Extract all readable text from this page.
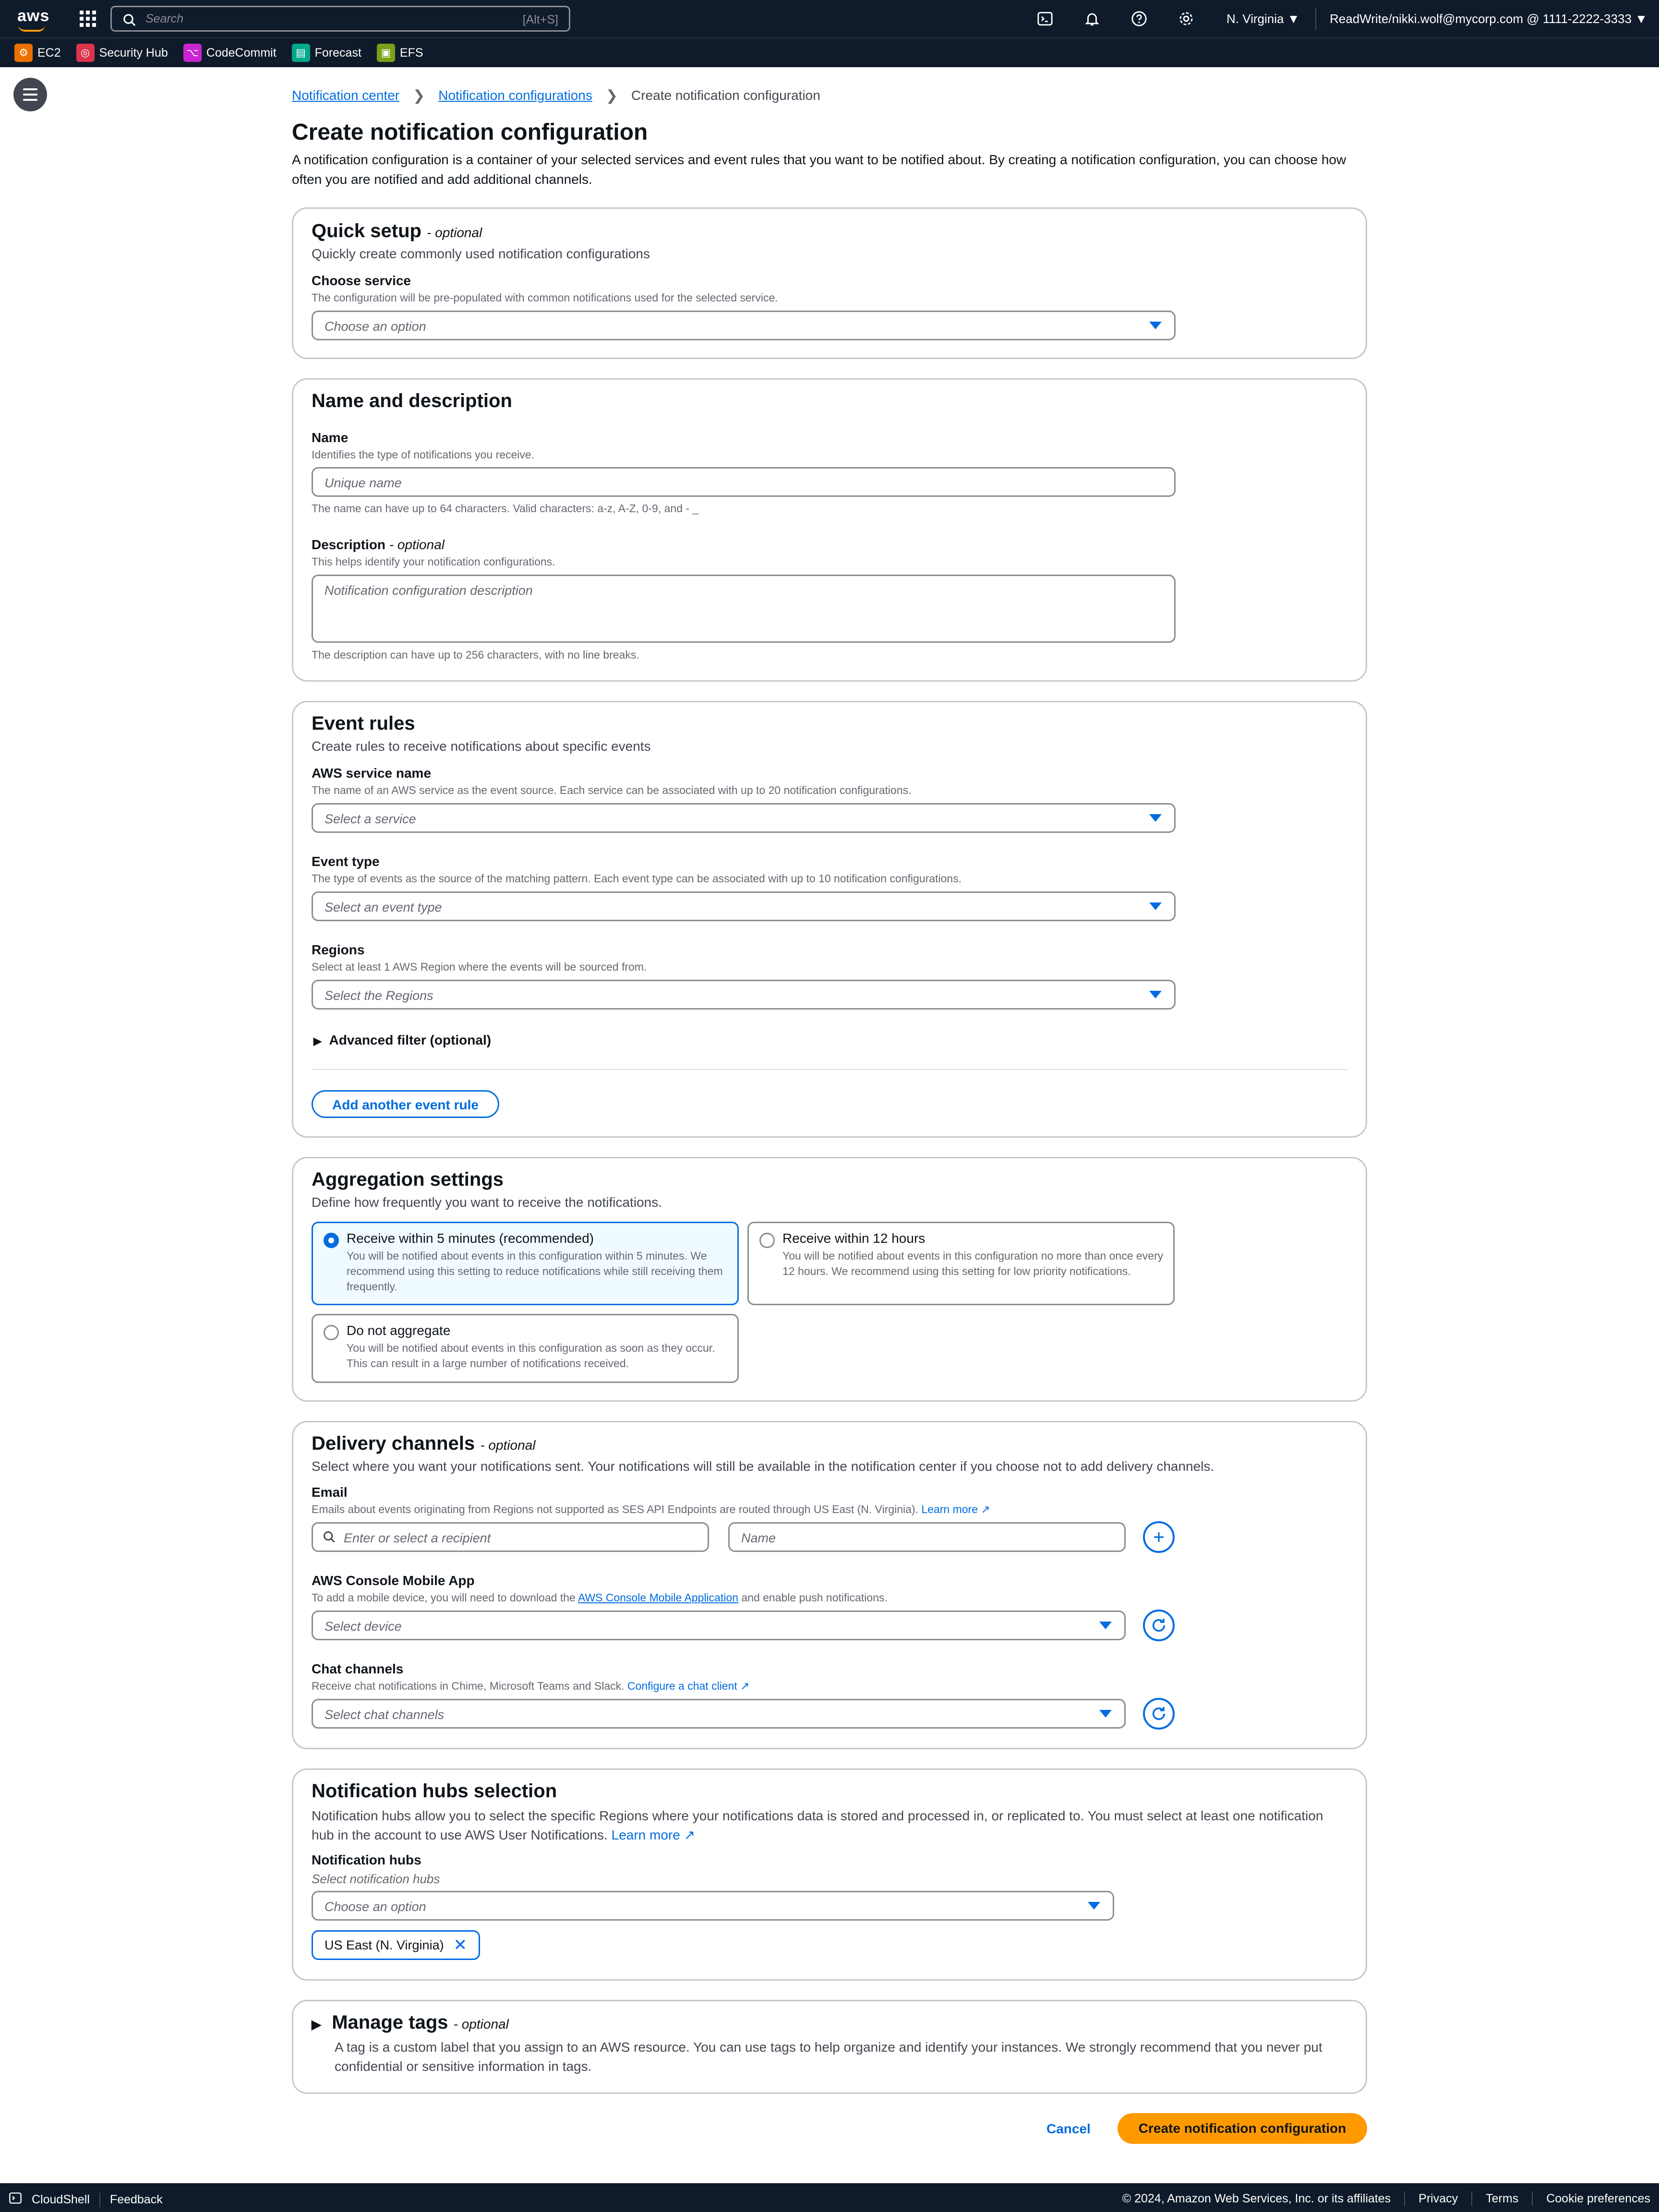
aws	Search	[Alt+S]	N. Virginia ▼ ReadWrite/nikki.wolf@mycorp.com @ 1111-2222-3333 ▼
⚙ EC2	◎ Security Hub ⌥ CodeCommit	▤ Forecast	▣ EFS
Notification center ❯ Notification configurations ❯ Create notification configuration
Create notification configuration

A notification configuration is a container of your selected services and event rules that you want to be notified about. By creating a notification configuration, you can choose how often you are notified and add additional channels.

Quick setup - optional
Quickly create commonly used notification configurations
Choose service
The configuration will be pre-populated with common notifications used for the selected service.
Choose an option
Name and description
Name
Identifies the type of notifications you receive.
Unique name
The name can have up to 64 characters. Valid characters: a-z, A-Z, 0-9, and - _
Description - optional
This helps identify your notification configurations.
Notification configuration description
The description can have up to 256 characters, with no line breaks.
Event rules
Create rules to receive notifications about specific events
AWS service name
The name of an AWS service as the event source. Each service can be associated with up to 20 notification configurations.
Select a service
Event type
The type of events as the source of the matching pattern. Each event type can be associated with up to 10 notification configurations.
Select an event type
Regions
Select at least 1 AWS Region where the events will be sourced from.
Select the Regions
▶ Advanced filter (optional)
Add another event rule
Aggregation settings
Define how frequently you want to receive the notifications.
Receive within 5 minutes (recommended)
You will be notified about events in this configuration within 5 minutes. We recommend using this setting to reduce notifications while still receiving them frequently.
Receive within 12 hours
You will be notified about events in this configuration no more than once every 12 hours. We recommend using this setting for low priority notifications.
Do not aggregate
You will be notified about events in this configuration as soon as they occur. This can result in a large number of notifications received.
Delivery channels - optional
Select where you want your notifications sent. Your notifications will still be available in the notification center if you choose not to add delivery channels.
Email
Emails about events originating from Regions not supported as SES API Endpoints are routed through US East (N. Virginia). Learn more ↗
Enter or select a recipient	Name
AWS Console Mobile App
To add a mobile device, you will need to download the AWS Console Mobile Application and enable push notifications.
Select device
Chat channels
Receive chat notifications in Chime, Microsoft Teams and Slack. Configure a chat client ↗
Select chat channels
Notification hubs selection
Notification hubs allow you to select the specific Regions where your notifications data is stored and processed in, or replicated to. You must select at least one notification hub in the account to use AWS User Notifications. Learn more ↗
Notification hubs
Select notification hubs
Choose an option
US East (N. Virginia) ✕
▶ Manage tags - optional
A tag is a custom label that you assign to an AWS resource. You can use tags to help organize and identify your instances. We strongly recommend that you never put confidential or sensitive information in tags.
Cancel	Create notification configuration
CloudShell Feedback	© 2024, Amazon Web Services, Inc. or its affiliates Privacy Terms Cookie preferences
